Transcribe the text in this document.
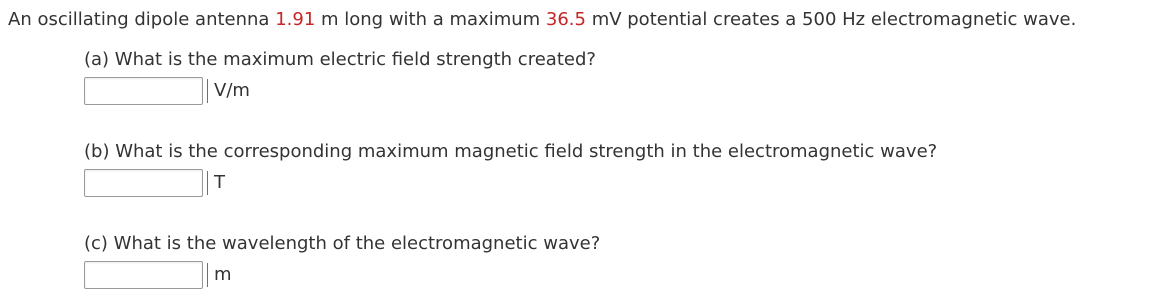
An oscillating dipole antenna 1.91 m long with a maximum 36.5 mV potential creates a 500 Hz electromagnetic wave.
(a) What is the maximum electric field strength created?
V/m
(b) What is the corresponding maximum magnetic field strength in the electromagnetic wave?
T
(c) What is the wavelength of the electromagnetic wave?
m
